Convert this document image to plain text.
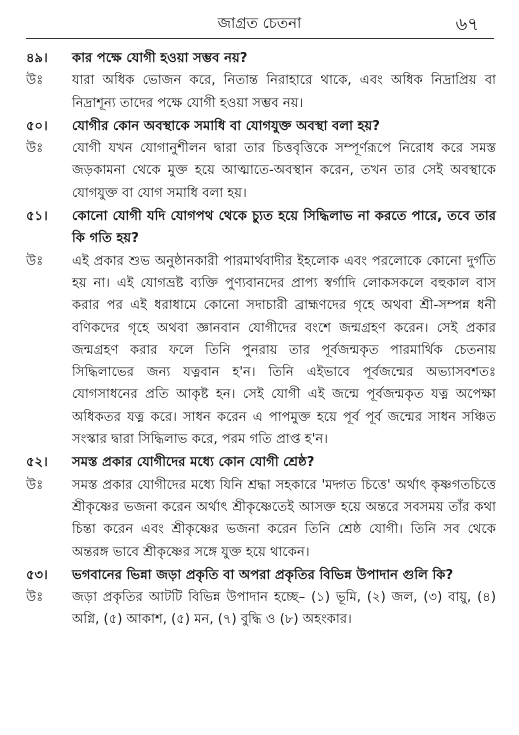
জাগ্রত চেতনা	৬৭
৪৯।	কার পক্ষে যোগী হওয়া সম্ভব নয়?
উঃ	যারা অধিক ভোজন করে, নিতান্ত নিরাহারে থাকে, এবং অধিক নিদ্রাপ্রিয় বা নিদ্রাশূন্য তাদের পক্ষে যোগী হওয়া সম্ভব নয়।
৫০।	যোগীর কোন অবস্থাকে সমাধি বা যোগযুক্ত অবস্থা বলা হয়?
উঃ	যোগী যখন যোগানুশীলন দ্বারা তার চিত্তবৃত্তিকে সম্পূর্ণরূপে নিরোধ করে সমস্ত জড়কামনা থেকে মুক্ত হয়ে আত্মাতে-অবস্থান করেন, তখন তার সেই অবস্থাকে যোগযুক্ত বা যোগ সমাধি বলা হয়।
৫১।	কোনো যোগী যদি যোগপথ থেকে চ্যুত হয়ে সিদ্ধিলাভ না করতে পারে, তবে তার কি গতি হয়?
উঃ	এই প্রকার শুভ অনুষ্ঠানকারী পারমার্থবাদীর ইহলোক এবং পরলোকে কোনো দুর্গতি হয় না। এই যোগভ্রষ্ট ব্যক্তি পুণ্যবানদের প্রাপ্য স্বর্গাদি লোকসকলে বহুকাল বাস করার পর এই ধরাধামে কোনো সদাচারী ব্রাহ্মণদের গৃহে অথবা শ্রী-সম্পন্ন ধনী বণিকদের গৃহে অথবা জ্ঞানবান যোগীদের বংশে জন্মগ্রহণ করেন। সেই প্রকার জন্মগ্রহণ করার ফলে তিনি পুনরায় তার পূর্বজন্মকৃত পারমার্থিক চেতনায় সিদ্ধিলাভের জন্য যত্নবান হ'ন। তিনি এইভাবে পূর্বজন্মের অভ্যাসবশতঃ যোগসাধনের প্রতি আকৃষ্ট হন। সেই যোগী এই জন্মে পূর্বজন্মকৃত যত্ন অপেক্ষা অধিকতর যত্ন করে। সাধন করেন এ পাপমুক্ত হয়ে পূর্ব পূর্ব জন্মের সাধন সঞ্চিত সংস্কার দ্বারা সিদ্ধিলাভ করে, পরম গতি প্রাপ্ত হ'ন।
৫২।	সমস্ত প্রকার যোগীদের মধ্যে কোন যোগী শ্রেষ্ঠ?
উঃ	সমস্ত প্রকার যোগীদের মধ্যে যিনি শ্রদ্ধা সহকারে 'মদ্গত চিত্তে' অর্থাৎ কৃষ্ণগতচিত্তে শ্রীকৃষ্ণের ভজনা করেন অর্থাৎ শ্রীকৃষ্ণেতেই আসক্ত হয়ে অন্তরে সবসময় তাঁর কথা চিন্তা করেন এবং শ্রীকৃষ্ণের ভজনা করেন তিনি শ্রেষ্ঠ যোগী। তিনি সব থেকে অন্তরঙ্গ ভাবে শ্রীকৃষ্ণের সঙ্গে যুক্ত হয়ে থাকেন।
৫৩।	ভগবানের ভিন্না জড়া প্রকৃতি বা অপরা প্রকৃতির বিভিন্ন উপাদান গুলি কি?
উঃ	জড়া প্রকৃতির আটটি বিভিন্ন উপাদান হচ্ছে– (১) ভূমি, (২) জল, (৩) বায়ু, (৪) অগ্নি, (৫) আকাশ, (৫) মন, (৭) বুদ্ধি ও (৮) অহংকার।
